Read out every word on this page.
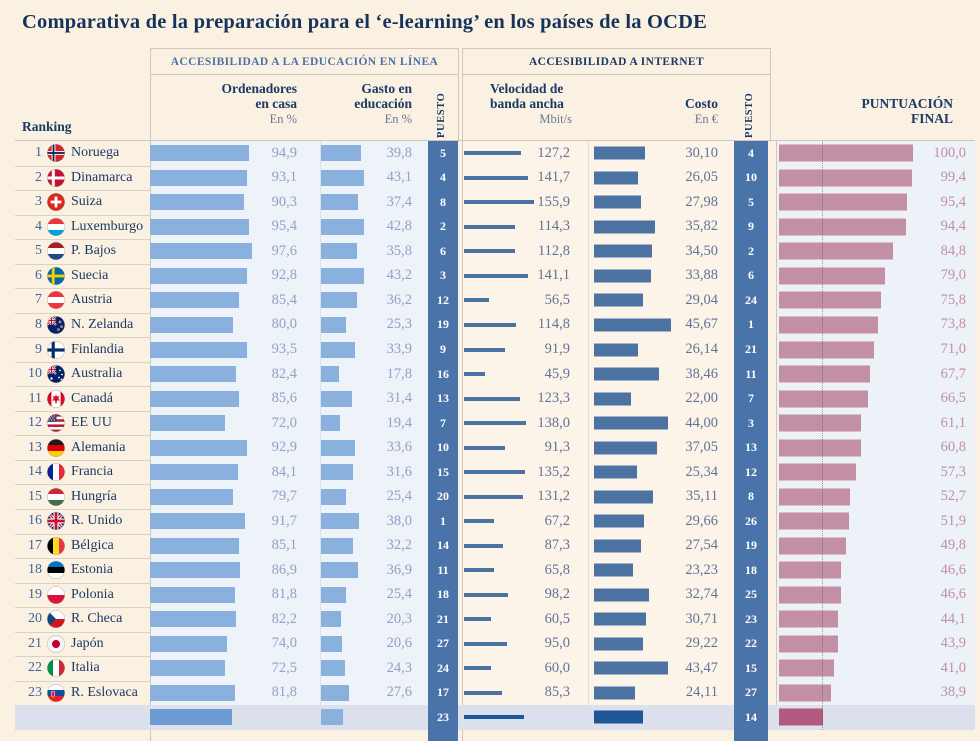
Comparativa de la preparación para el ‘e-learning’ en los países de la OCDE
ACCESIBILIDAD A LA EDUCACIÓN EN LÍNEA	ACCESIBILIDAD A INTERNET
Ordenadores
en casa
En %
Gasto en
educación
En % PUESTO
Velocidad de
banda ancha
Mbit/s
Costo
En € PUESTO	PUNTUACIÓN
FINAL
Ranking
1 Noruega	94,9	39,8	5	127,2	30,10	4	100,0
2 Dinamarca	93,1	43,1	4	141,7	26,05	10	99,4
3 Suiza	90,3	37,4	8	155,9	27,98	5	95,4
4 Luxemburgo	95,4	42,8	2	114,3	35,82	9	94,4
5 P. Bajos	97,6	35,8	6	112,8	34,50	2	84,8
6 Suecia	92,8	43,2	3	141,1	33,88	6	79,0
7 Austria	85,4	36,2	12	56,5	29,04	24	75,8
8 N. Zelanda	80,0	25,3	19	114,8	45,67	1	73,8
9 Finlandia	93,5	33,9	9	91,9	26,14	21	71,0
10 Australia	82,4	17,8	16	45,9	38,46	11	67,7
11 Canadá	85,6	31,4	13	123,3	22,00	7	66,5
12 EE UU	72,0	19,4	7	138,0	44,00	3	61,1
13 Alemania	92,9	33,6	10	91,3	37,05	13	60,8
14 Francia	84,1	31,6	15	135,2	25,34	12	57,3
15 Hungría	79,7	25,4	20	131,2	35,11	8	52,7
16 R. Unido	91,7	38,0	1	67,2	29,66	26	51,9
17 Bélgica	85,1	32,2	14	87,3	27,54	19	49,8
18 Estonia	86,9	36,9	11	65,8	23,23	18	46,6
19 Polonia	81,8	25,4	18	98,2	32,74	25	46,6
20 R. Checa	82,2	20,3	21	60,5	30,71	23	44,1
21 Japón	74,0	20,6	27	95,0	29,22	22	43,9
22 Italia	72,5	24,3	24	60,0	43,47	15	41,0
23 R. Eslovaca	81,8	27,6	17	85,3	24,11	27	38,9
23	14
